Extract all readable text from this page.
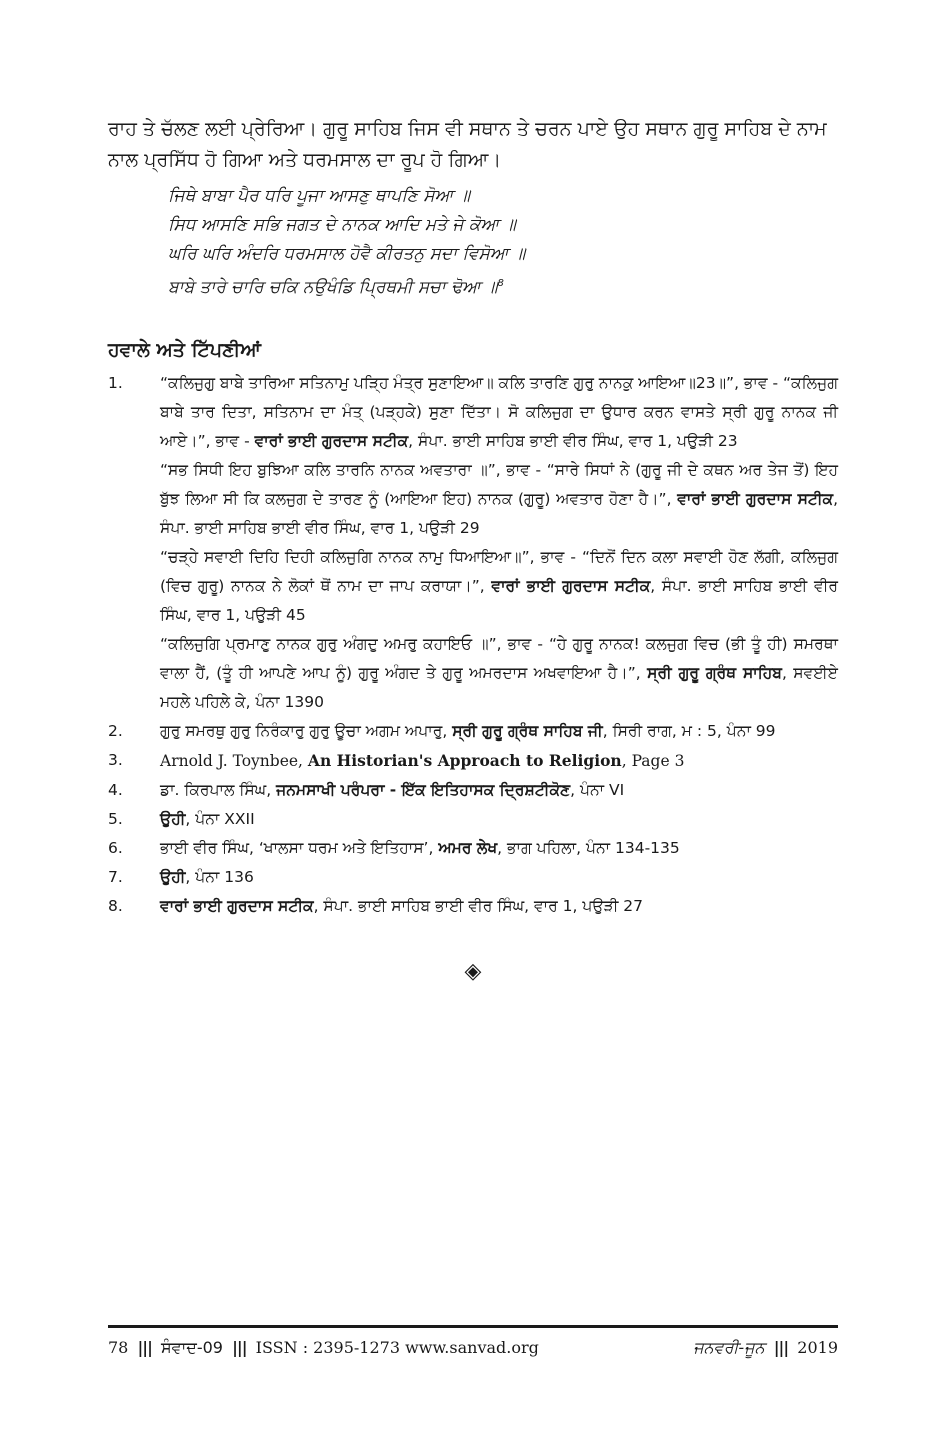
ਰਾਹ ਤੇ ਚੱਲਣ ਲਈ ਪ੍ਰੇਰਿਆ। ਗੁਰੂ ਸਾਹਿਬ ਜਿਸ ਵੀ ਸਥਾਨ ਤੇ ਚਰਨ ਪਾਏ ਉਹ ਸਥਾਨ ਗੁਰੂ ਸਾਹਿਬ ਦੇ ਨਾਮ ਨਾਲ ਪ੍ਰਸਿੱਧ ਹੋ ਗਿਆ ਅਤੇ ਧਰਮਸਾਲ ਦਾ ਰੂਪ ਹੋ ਗਿਆ।

ਜਿਥੇ ਬਾਬਾ ਪੈਰ ਧਰਿ ਪੂਜਾ ਆਸਣੁ ਥਾਪਣਿ ਸੋਆ ॥
ਸਿਧ ਆਸਣਿ ਸਭਿ ਜਗਤ ਦੇ ਨਾਨਕ ਆਦਿ ਮਤੇ ਜੇ ਕੋਆ ॥
ਘਰਿ ਘਰਿ ਅੰਦਰਿ ਧਰਮਸਾਲ ਹੋਵੈ ਕੀਰਤਨੁ ਸਦਾ ਵਿਸੋਆ ॥
ਬਾਬੇ ਤਾਰੇ ਚਾਰਿ ਚਕਿ ਨਉਖੰਡਿ ਪ੍ਰਿਥਮੀ ਸਚਾ ਢੋਆ ॥$^8$
ਹਵਾਲੇ ਅਤੇ ਟਿੱਪਣੀਆਂ
1. “ਕਲਿਜੁਗੁ ਬਾਬੇ ਤਾਰਿਆ ਸਤਿਨਾਮੁ ਪੜ੍ਹਿ ਮੰਤ੍ਰ ਸੁਣਾਇਆ॥ ਕਲਿ ਤਾਰਣਿ ਗੁਰੁ ਨਾਨਕੁ ਆਇਆ॥23॥”, ਭਾਵ - “ਕਲਿਜੁਗ ਬਾਬੇ ਤਾਰ ਦਿਤਾ, ਸਤਿਨਾਮ ਦਾ ਮੰਤ੍ (ਪੜ੍ਹਕੇ) ਸੁਣਾ ਦਿੱਤਾ। ਸੋ ਕਲਿਜੁਗ ਦਾ ਉਧਾਰ ਕਰਨ ਵਾਸਤੇ ਸ੍ਰੀ ਗੁਰੂ ਨਾਨਕ ਜੀ ਆਏ।”, ਭਾਵ - ਵਾਰਾਂ ਭਾਈ ਗੁਰਦਾਸ ਸਟੀਕ, ਸੰਪਾ. ਭਾਈ ਸਾਹਿਬ ਭਾਈ ਵੀਰ ਸਿੰਘ, ਵਾਰ 1, ਪਉੜੀ 23

“ਸਭ ਸਿਧੀ ਇਹ ਬੁਝਿਆ ਕਲਿ ਤਾਰਨਿ ਨਾਨਕ ਅਵਤਾਰਾ ॥”, ਭਾਵ - “ਸਾਰੇ ਸਿਧਾਂ ਨੇ (ਗੁਰੂ ਜੀ ਦੇ ਕਥਨ ਅਰ ਤੇਜ ਤੋਂ) ਇਹ ਬੁੱਝ ਲਿਆ ਸੀ ਕਿ ਕਲਜੁਗ ਦੇ ਤਾਰਣ ਨੂੰ (ਆਇਆ ਇਹ) ਨਾਨਕ (ਗੁਰੂ) ਅਵਤਾਰ ਹੋਣਾ ਹੈ।”, ਵਾਰਾਂ ਭਾਈ ਗੁਰਦਾਸ ਸਟੀਕ, ਸੰਪਾ. ਭਾਈ ਸਾਹਿਬ ਭਾਈ ਵੀਰ ਸਿੰਘ, ਵਾਰ 1, ਪਉੜੀ 29

“ਚੜ੍ਹੇ ਸਵਾਈ ਦਿਹਿ ਦਿਹੀ ਕਲਿਜੁਗਿ ਨਾਨਕ ਨਾਮੁ ਧਿਆਇਆ॥”, ਭਾਵ - “ਦਿਨੋਂ ਦਿਨ ਕਲਾ ਸਵਾਈ ਹੋਣ ਲੱਗੀ, ਕਲਿਜੁਗ (ਵਿਚ ਗੁਰੂ) ਨਾਨਕ ਨੇ ਲੋਕਾਂ ਥੋਂ ਨਾਮ ਦਾ ਜਾਪ ਕਰਾਯਾ।”, ਵਾਰਾਂ ਭਾਈ ਗੁਰਦਾਸ ਸਟੀਕ, ਸੰਪਾ. ਭਾਈ ਸਾਹਿਬ ਭਾਈ ਵੀਰ ਸਿੰਘ, ਵਾਰ 1, ਪਉੜੀ 45

“ਕਲਿਜੁਗਿ ਪ੍ਰਮਾਣੁ ਨਾਨਕ ਗੁਰੁ ਅੰਗਦੁ ਅਮਰੁ ਕਹਾਇਓ ॥”, ਭਾਵ - “ਹੇ ਗੁਰੂ ਨਾਨਕ! ਕਲਜੁਗ ਵਿਚ (ਭੀ ਤੂੰ ਹੀ) ਸਮਰਥਾ ਵਾਲਾ ਹੈਂ, (ਤੂੰ ਹੀ ਆਪਣੇ ਆਪ ਨੂੰ) ਗੁਰੂ ਅੰਗਦ ਤੇ ਗੁਰੂ ਅਮਰਦਾਸ ਅਖਵਾਇਆ ਹੈ।”, ਸ੍ਰੀ ਗੁਰੂ ਗ੍ਰੰਥ ਸਾਹਿਬ, ਸਵਈਏ ਮਹਲੇ ਪਹਿਲੇ ਕੇ, ਪੰਨਾ 1390

2. ਗੁਰੁ ਸਮਰਥੁ ਗੁਰੁ ਨਿਰੰਕਾਰੁ ਗੁਰੁ ਊਚਾ ਅਗਮ ਅਪਾਰੁ, ਸ੍ਰੀ ਗੁਰੂ ਗ੍ਰੰਥ ਸਾਹਿਬ ਜੀ, ਸਿਰੀ ਰਾਗ, ਮ : 5, ਪੰਨਾ 99

3. Arnold J. Toynbee, An Historian's Approach to Religion, Page 3

4. ਡਾ. ਕਿਰਪਾਲ ਸਿੰਘ, ਜਨਮਸਾਖੀ ਪਰੰਪਰਾ - ਇੱਕ ਇਤਿਹਾਸਕ ਦ੍ਰਿਸ਼ਟੀਕੋਣ, ਪੰਨਾ VI

5. ਉਹੀ, ਪੰਨਾ XXII

6. ਭਾਈ ਵੀਰ ਸਿੰਘ, ‘ਖਾਲਸਾ ਧਰਮ ਅਤੇ ਇਤਿਹਾਸ’, ਅਮਰ ਲੇਖ, ਭਾਗ ਪਹਿਲਾ, ਪੰਨਾ 134-135

7. ਉਹੀ, ਪੰਨਾ 136

8. ਵਾਰਾਂ ਭਾਈ ਗੁਰਦਾਸ ਸਟੀਕ, ਸੰਪਾ. ਭਾਈ ਸਾਹਿਬ ਭਾਈ ਵੀਰ ਸਿੰਘ, ਵਾਰ 1, ਪਉੜੀ 27

◈
78 ||| ਸੰਵਾਦ-09 ||| ISSN : 2395-1273 www.sanvad.org	ਜਨਵਰੀ-ਜੂਨ ||| 2019
